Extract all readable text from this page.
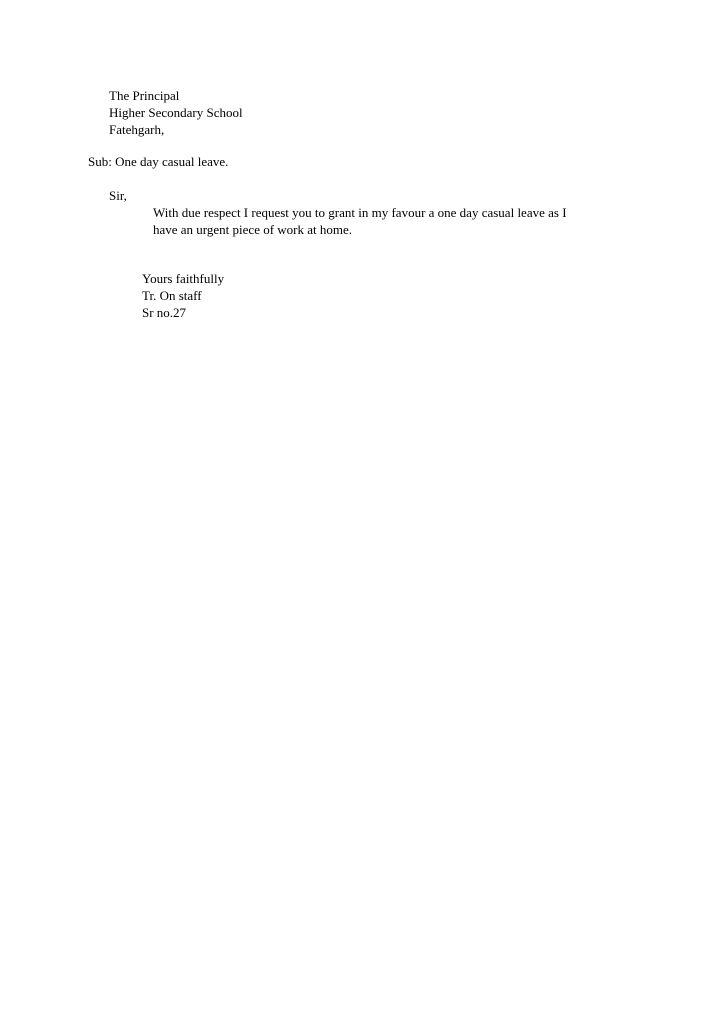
The Principal
Higher Secondary School
Fatehgarh,
Sub: One day casual leave.
Sir,
With due respect I request you to grant in my favour a one day casual leave as I
have an urgent piece of work at home.
Yours faithfully
Tr. On staff
Sr no.27
